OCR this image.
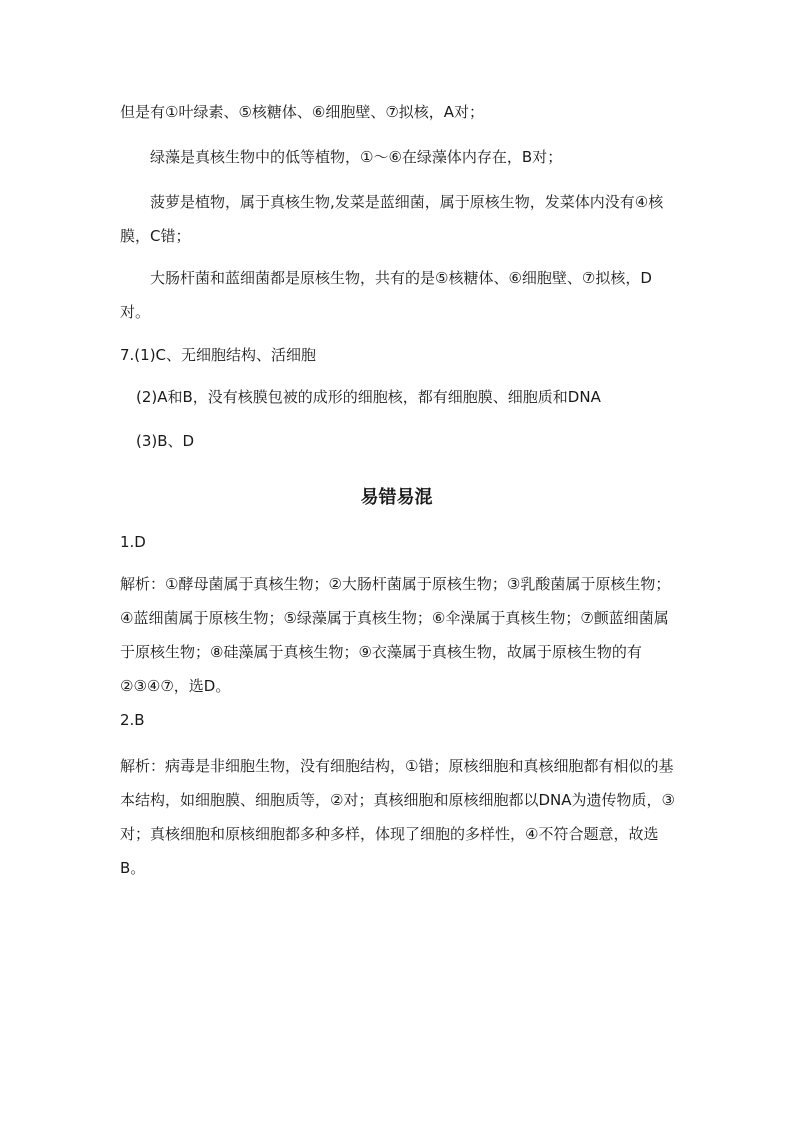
但是有①叶绿素、⑤核糖体、⑥细胞壁、⑦拟核，A对；

绿藻是真核生物中的低等植物，①～⑥在绿藻体内存在，B对；

菠萝是植物，属于真核生物,发菜是蓝细菌，属于原核生物，发菜体内没有④核膜，C错；

大肠杆菌和蓝细菌都是原核生物，共有的是⑤核糖体、⑥细胞壁、⑦拟核，D对。

7.(1)C、无细胞结构、活细胞

(2)A和B，没有核膜包被的成形的细胞核，都有细胞膜、细胞质和DNA

(3)B、D

易错易混

1.D

解析：①酵母菌属于真核生物；②大肠杆菌属于原核生物；③乳酸菌属于原核生物；④蓝细菌属于原核生物；⑤绿藻属于真核生物；⑥伞澡属于真核生物；⑦颤蓝细菌属于原核生物；⑧硅藻属于真核生物；⑨衣藻属于真核生物，故属于原核生物的有②③④⑦，选D。

2.B

解析：病毒是非细胞生物，没有细胞结构，①错；原核细胞和真核细胞都有相似的基本结构，如细胞膜、细胞质等，②对；真核细胞和原核细胞都以DNA为遗传物质，③对；真核细胞和原核细胞都多种多样，体现了细胞的多样性，④不符合题意，故选B。
